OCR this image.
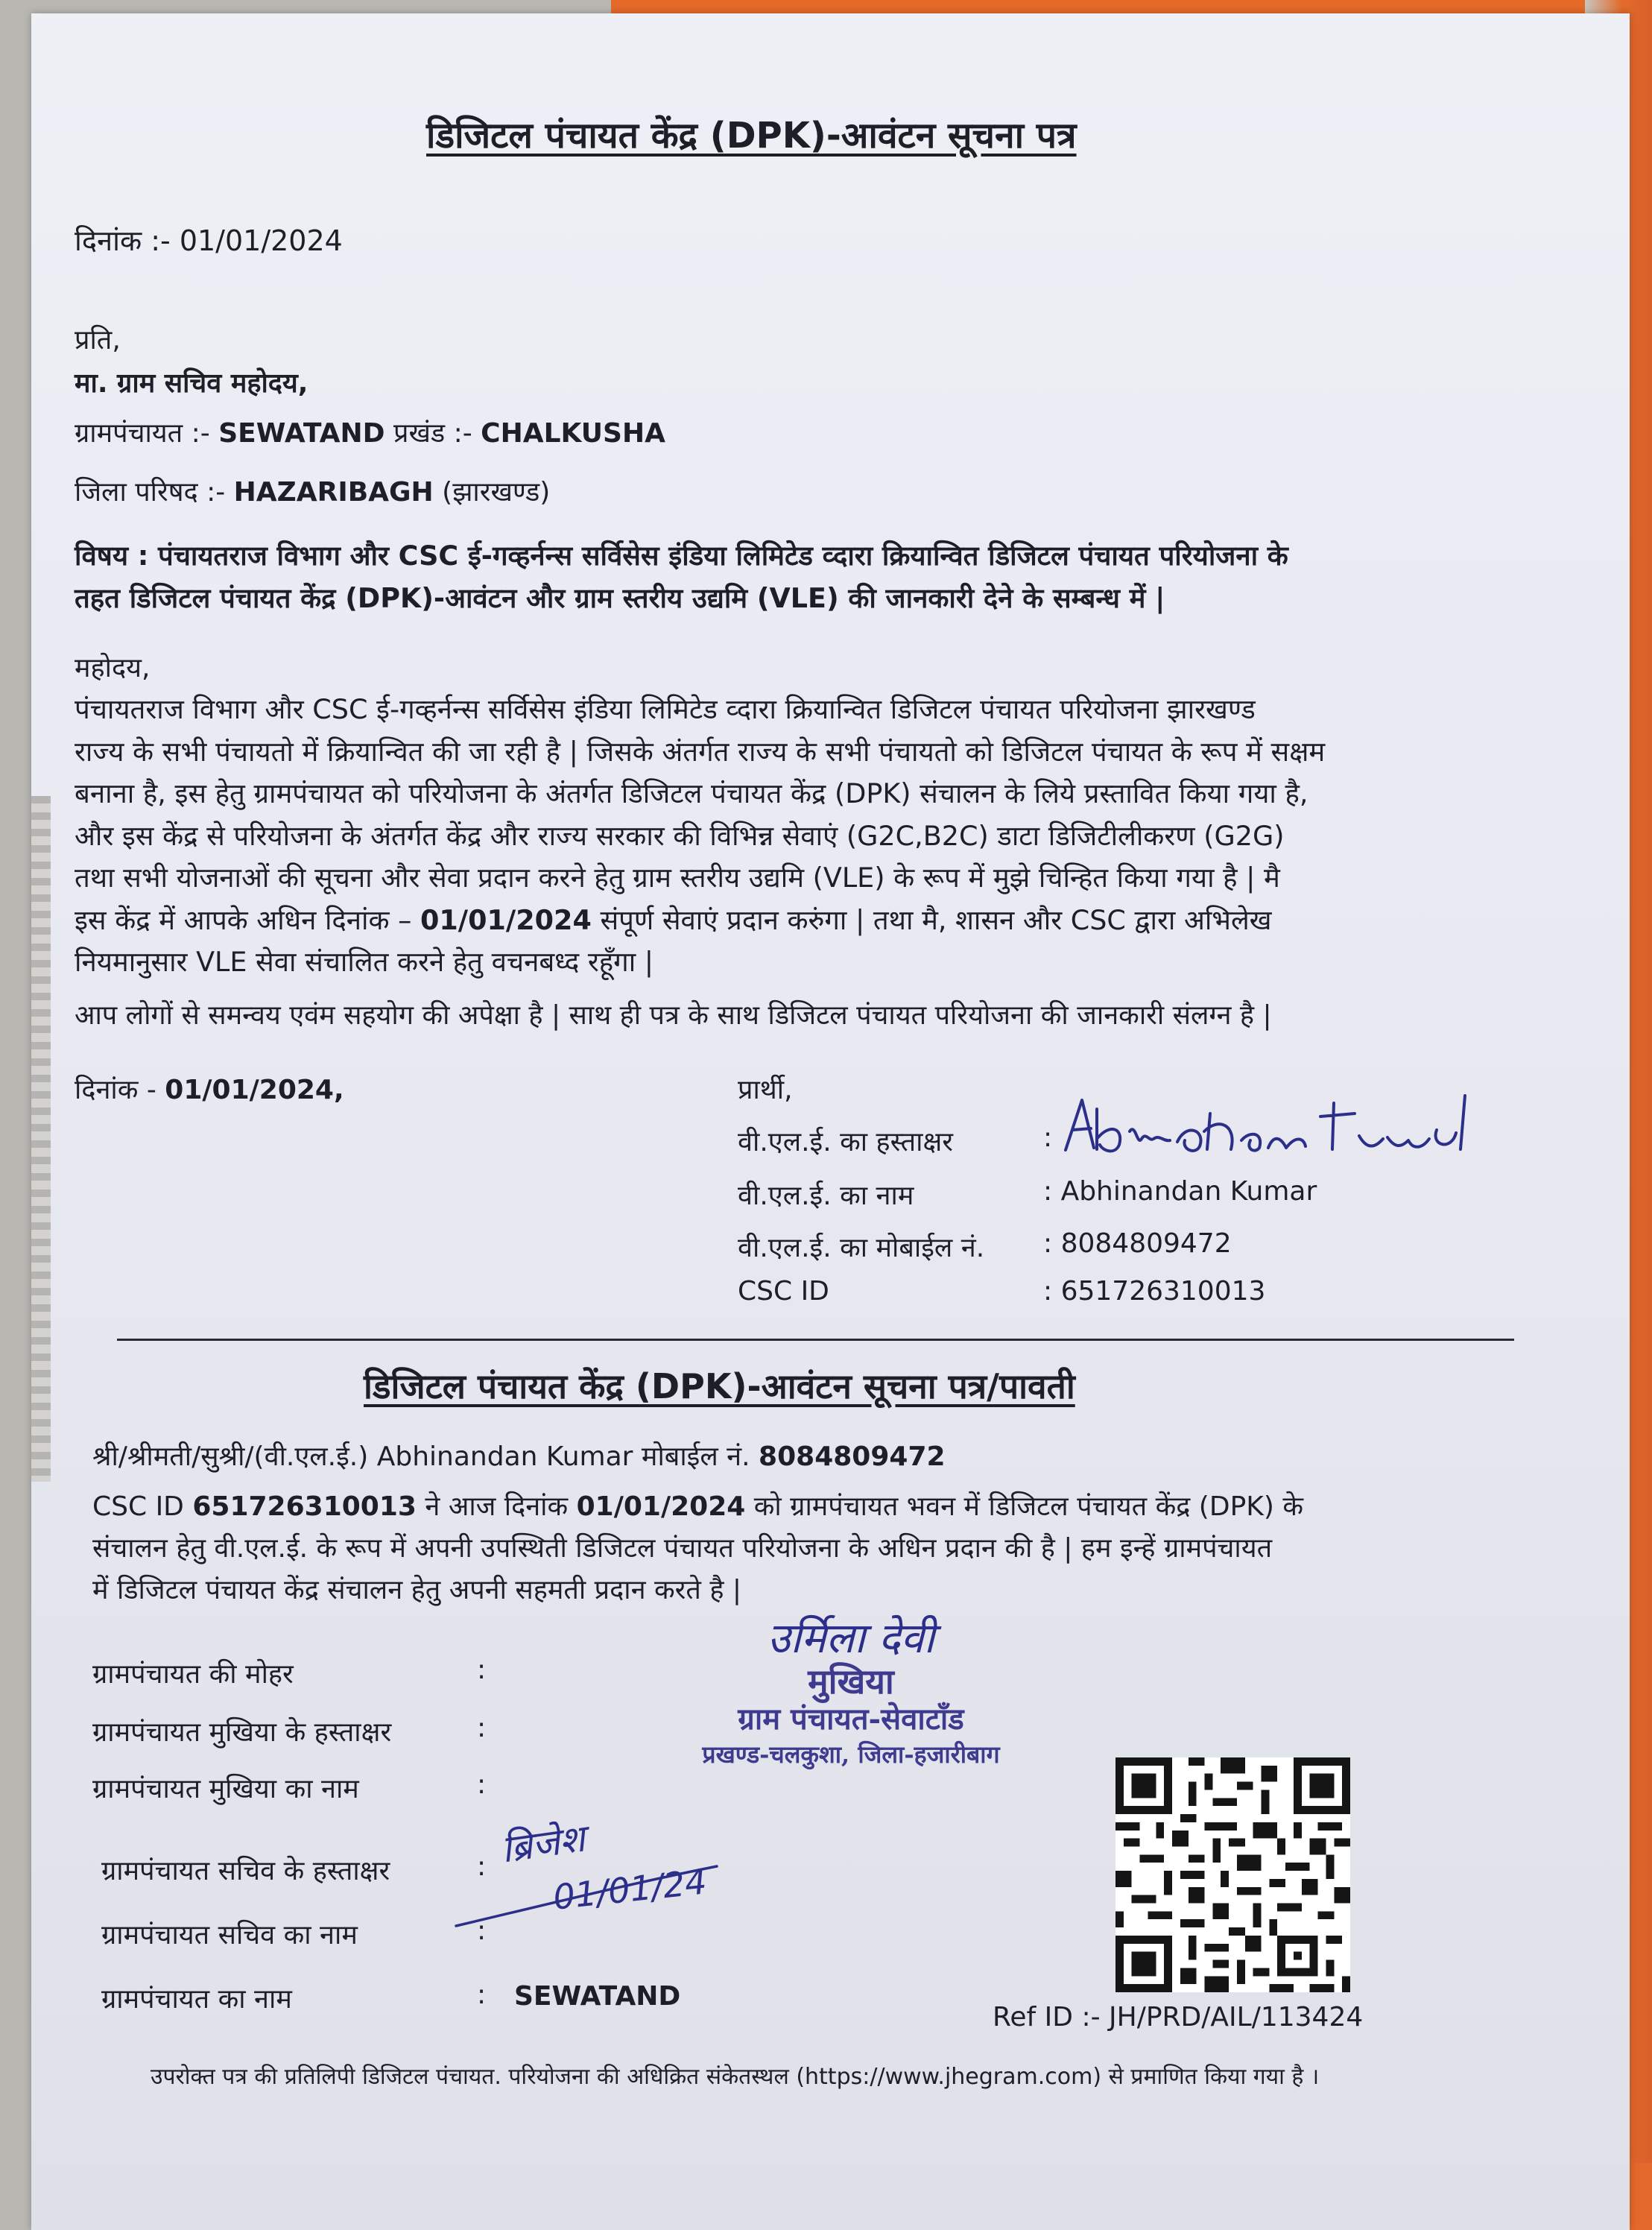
डिजिटल पंचायत केंद्र (DPK)-आवंटन सूचना पत्र
दिनांक :- 01/01/2024
प्रति,
मा. ग्राम सचिव महोदय,
ग्रामपंचायत :- SEWATAND प्रखंड :- CHALKUSHA
जिला परिषद :- HAZARIBAGH (झारखण्ड)

विषय : पंचायतराज विभाग और CSC ई-गव्हर्नन्स सर्विसेस इंडिया लिमिटेड व्दारा क्रियान्वित डिजिटल पंचायत परियोजना के

तहत डिजिटल पंचायत केंद्र (DPK)-आवंटन और ग्राम स्तरीय उद्यमि (VLE) की जानकारी देने के सम्बन्ध में |

महोदय,

पंचायतराज विभाग और CSC ई-गव्हर्नन्स सर्विसेस इंडिया लिमिटेड व्दारा क्रियान्वित डिजिटल पंचायत परियोजना झारखण्ड

राज्य के सभी पंचायतो में क्रियान्वित की जा रही है | जिसके अंतर्गत राज्य के सभी पंचायतो को डिजिटल पंचायत के रूप में सक्षम

बनाना है, इस हेतु ग्रामपंचायत को परियोजना के अंतर्गत डिजिटल पंचायत केंद्र (DPK) संचालन के लिये प्रस्तावित किया गया है,

और इस केंद्र से परियोजना के अंतर्गत केंद्र और राज्य सरकार की विभिन्न सेवाएं (G2C,B2C) डाटा डिजिटीलीकरण (G2G)

तथा सभी योजनाओं की सूचना और सेवा प्रदान करने हेतु ग्राम स्तरीय उद्यमि (VLE) के रूप में मुझे चिन्हित किया गया है | मै

इस केंद्र में आपके अधिन दिनांक – 01/01/2024 संपूर्ण सेवाएं प्रदान करुंगा | तथा मै, शासन और CSC द्वारा अभिलेख

नियमानुसार VLE सेवा संचालित करने हेतु वचनबध्द रहूँगा |

आप लोगों से समन्वय एवंम सहयोग की अपेक्षा है | साथ ही पत्र के साथ डिजिटल पंचायत परियोजना की जानकारी संलग्न है |
दिनांक - 01/01/2024,	प्रार्थी,
वी.एल.ई. का हस्ताक्षर	:
वी.एल.ई. का नाम	: Abhinandan Kumar
वी.एल.ई. का मोबाईल नं. : 8084809472
CSC ID	: 651726310013
डिजिटल पंचायत केंद्र (DPK)-आवंटन सूचना पत्र/पावती
श्री/श्रीमती/सुश्री/(वी.एल.ई.) Abhinandan Kumar मोबाईल नं. 8084809472

CSC ID 651726310013 ने आज दिनांक 01/01/2024 को ग्रामपंचायत भवन में डिजिटल पंचायत केंद्र (DPK) के

संचालन हेतु वी.एल.ई. के रूप में अपनी उपस्थिती डिजिटल पंचायत परियोजना के अधिन प्रदान की है | हम इन्हें ग्रामपंचायत

में डिजिटल पंचायत केंद्र संचालन हेतु अपनी सहमती प्रदान करते है |

ग्रामपंचायत की मोहर	:
ग्रामपंचायत मुखिया के हस्ताक्षर	:
ग्रामपंचायत मुखिया का नाम	:
ग्रामपंचायत सचिव के हस्ताक्षर	:
ग्रामपंचायत सचिव का नाम	:
ग्रामपंचायत का नाम	: SEWATAND
उर्मिला देवी
मुखिया
ग्राम पंचायत-सेवाटाँड
प्रखण्ड-चलकुशा, जिला-हजारीबाग
ब्रिजेश
01/01/24
Ref ID :- JH/PRD/AIL/113424
उपरोक्त पत्र की प्रतिलिपी डिजिटल पंचायत. परियोजना की अधिक्रित संकेतस्थल (https://www.jhegram.com) से प्रमाणित किया गया है ।
